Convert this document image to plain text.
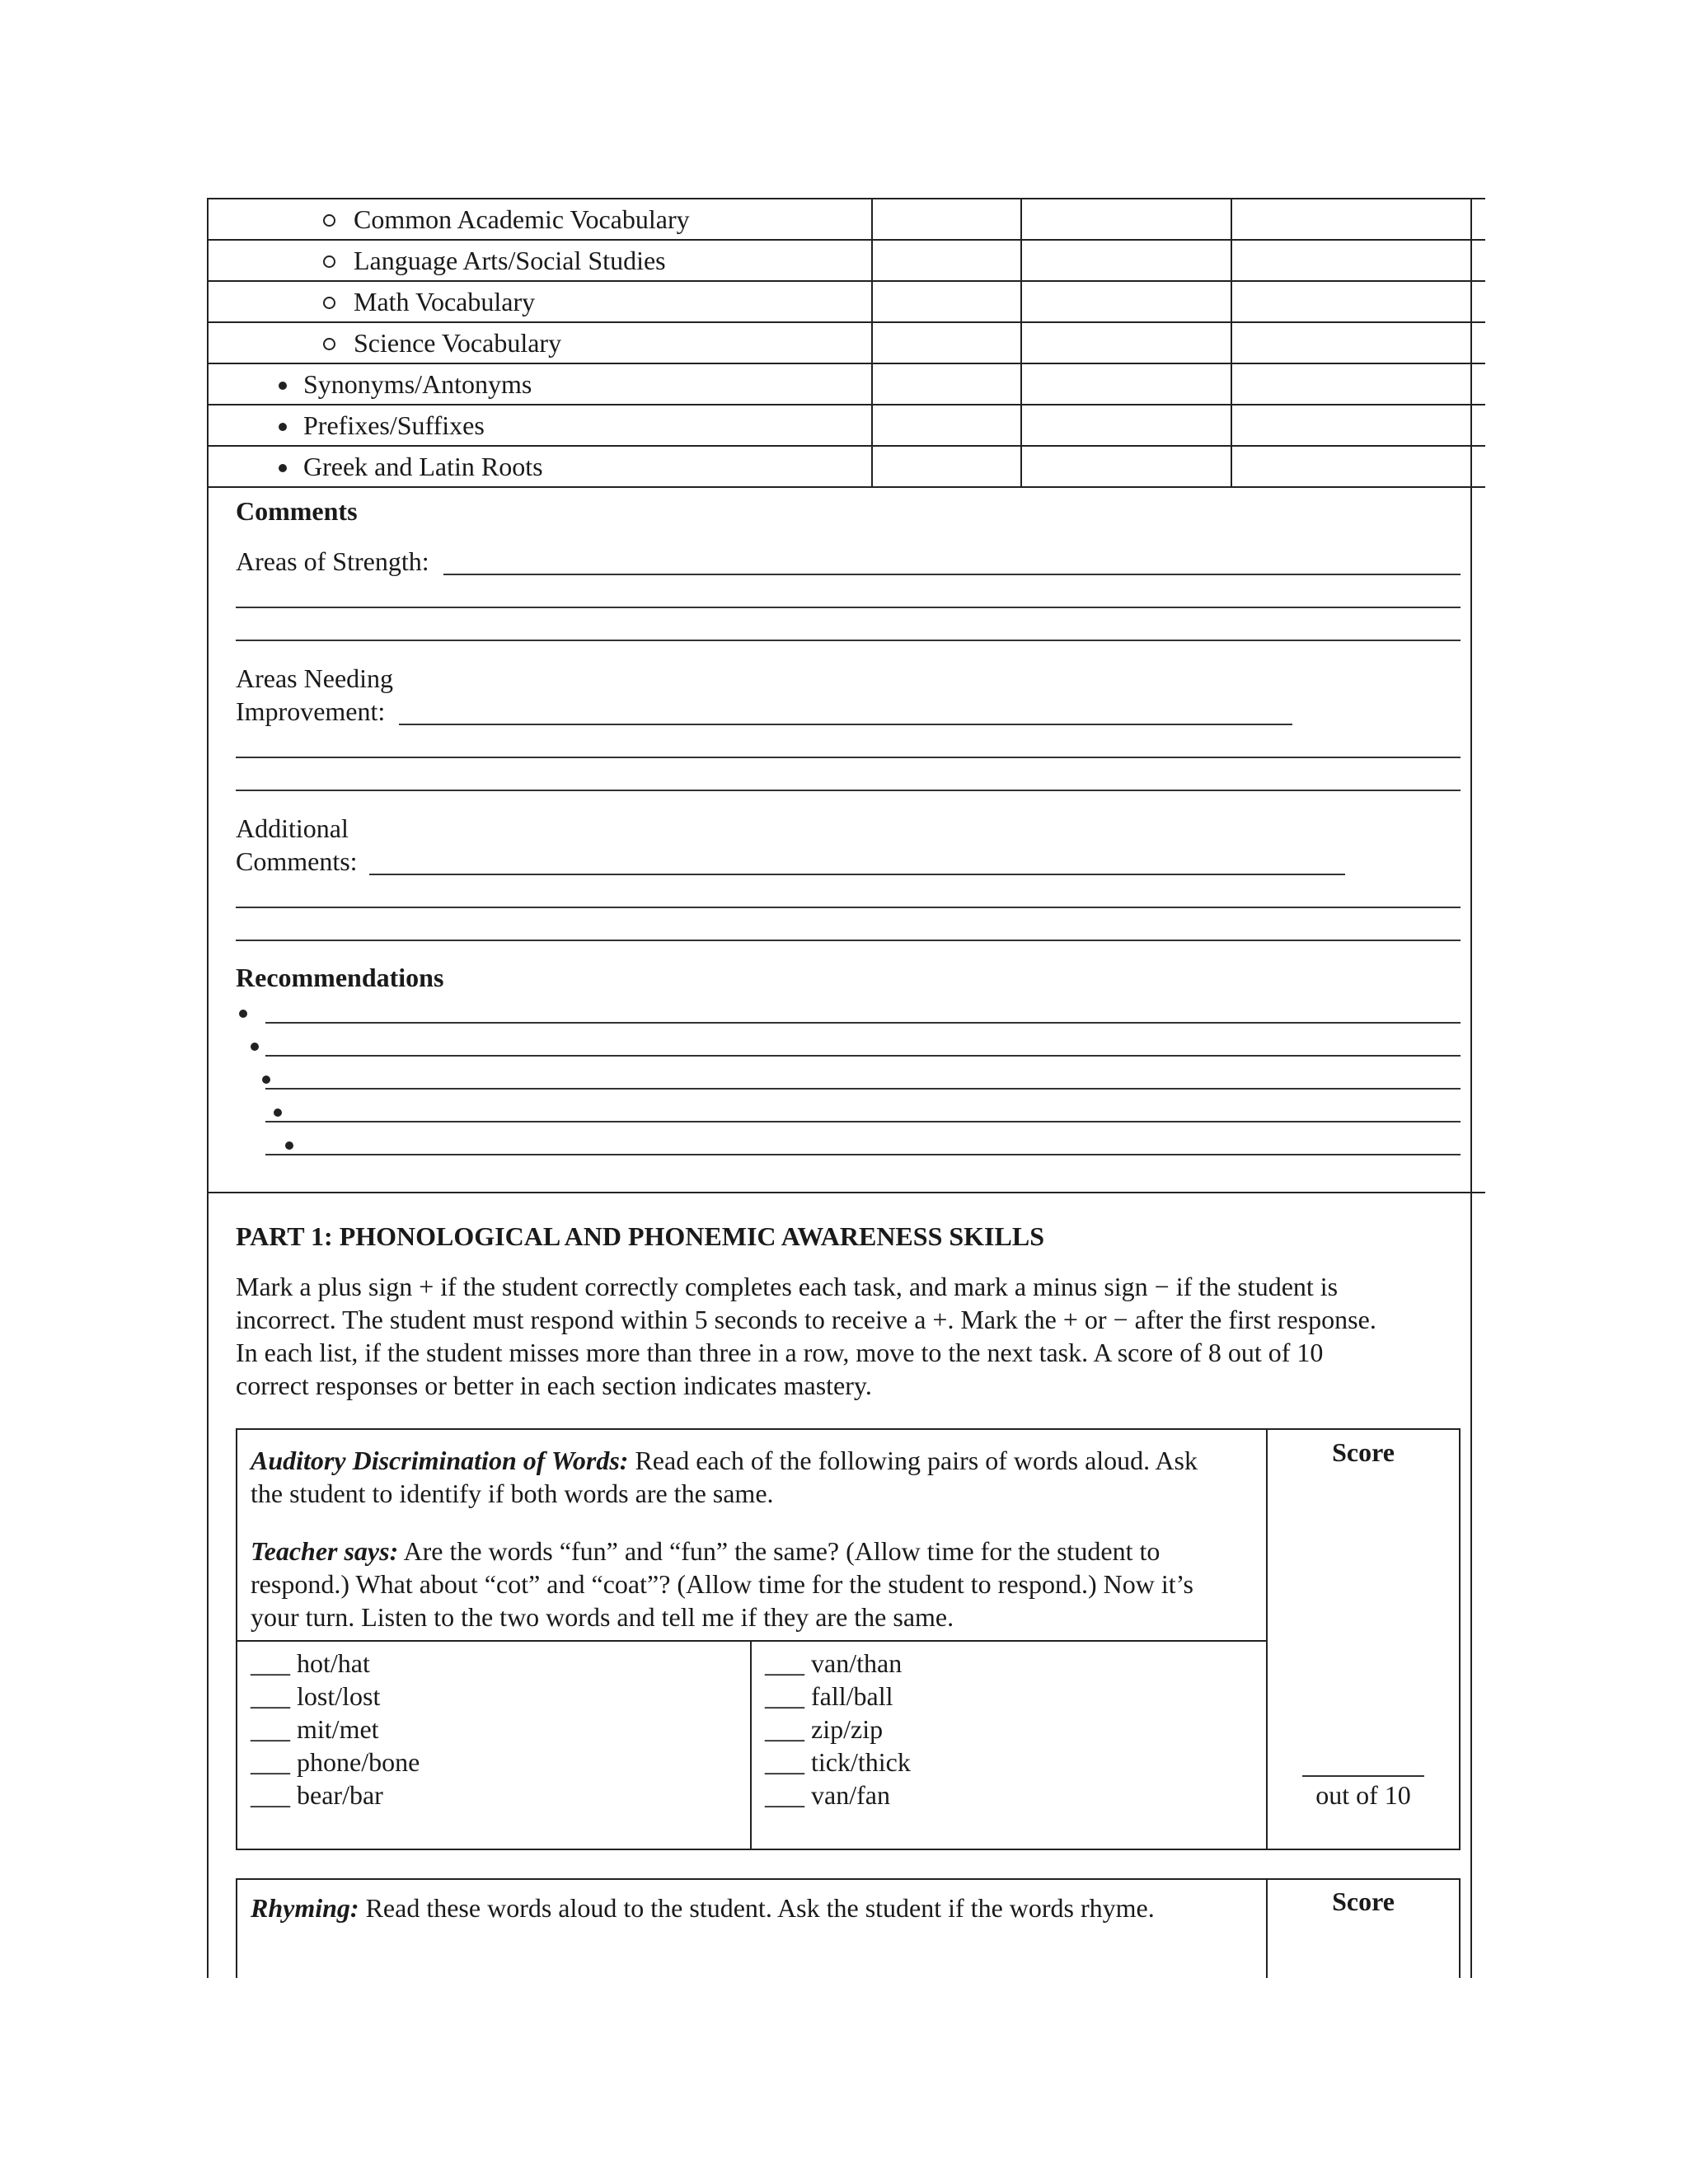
Common Academic Vocabulary
Language Arts/Social Studies
Math Vocabulary
Science Vocabulary
Synonyms/Antonyms
Prefixes/Suffixes
Greek and Latin Roots
Comments
Areas of Strength:
Areas Needing
Improvement:
Additional
Comments:
Recommendations

PART 1: PHONOLOGICAL AND PHONEMIC AWARENESS SKILLS
Mark a plus sign + if the student correctly completes each task, and mark a minus sign − if the student is
incorrect. The student must respond within 5 seconds to receive a +. Mark the + or − after the first response.
In each list, if the student misses more than three in a row, move to the next task. A score of 8 out of 10
correct responses or better in each section indicates mastery.
Auditory Discrimination of Words: Read each of the following pairs of words aloud. Ask
the student to identify if both words are the same.
Teacher says: Are the words “fun” and “fun” the same? (Allow time for the student to
respond.) What about “cot” and “coat”? (Allow time for the student to respond.) Now it’s
your turn. Listen to the two words and tell me if they are the same.
___ hot/hat
___ lost/lost
___ mit/met
___ phone/bone
___ bear/bar
___ van/than
___ fall/ball
___ zip/zip
___ tick/thick
___ van/fan
Score
out of 10
Rhyming: Read these words aloud to the student. Ask the student if the words rhyme.	Score
